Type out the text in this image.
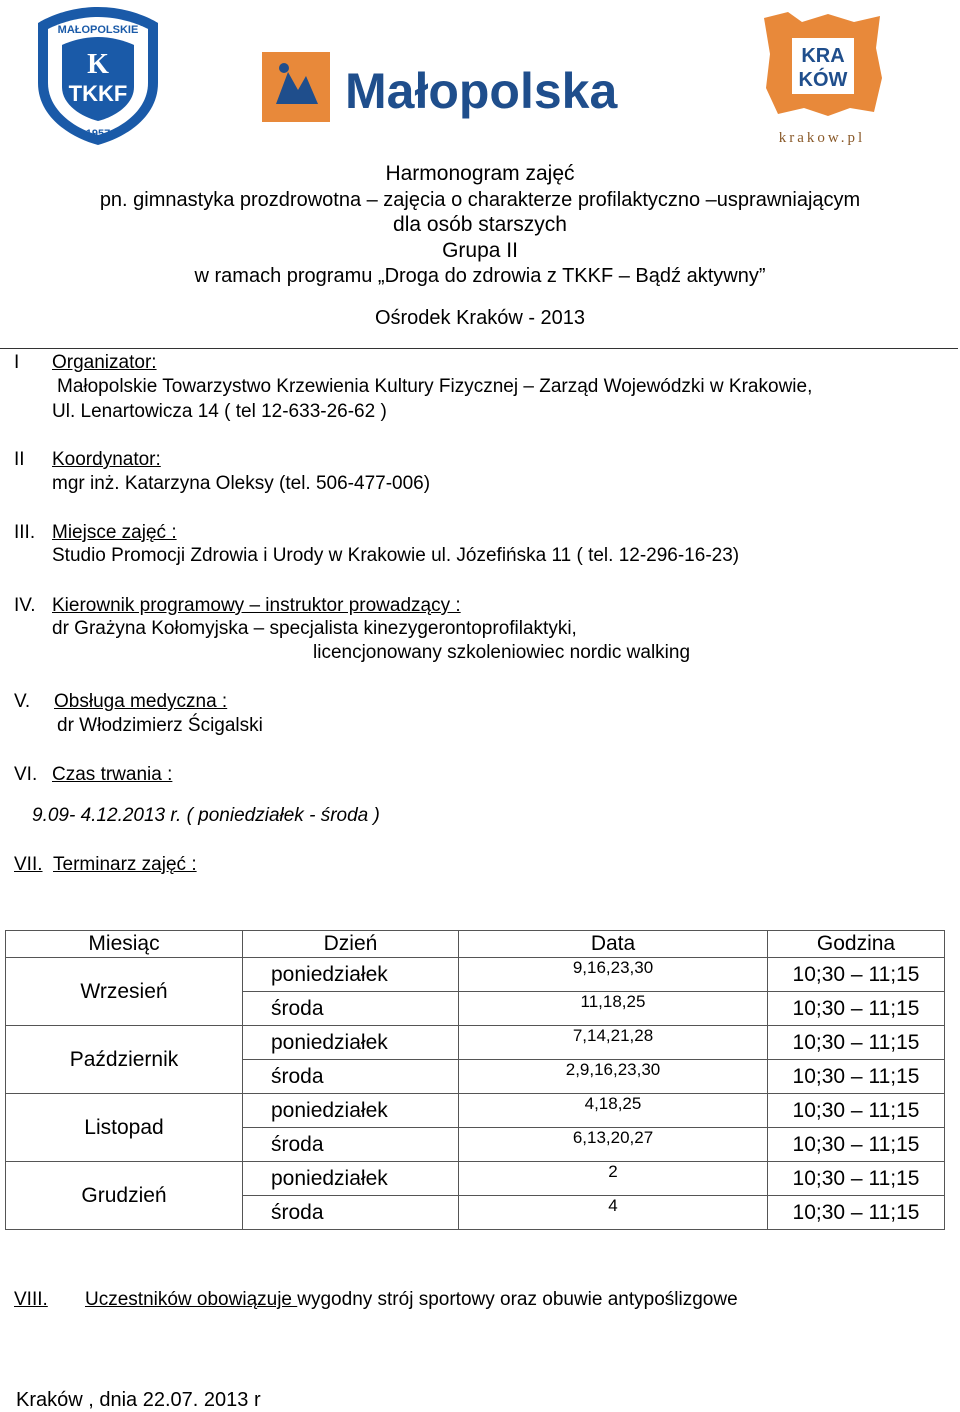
MAŁOPOLSKIE
K
TKKF
1957
Małopolska
KRA
KÓW
krakow.pl
Harmonogram zajęć
pn. gimnastyka prozdrowotna – zajęcia o charakterze profilaktyczno –usprawniającym
dla osób starszych
Grupa II
w ramach programu „Droga do zdrowia z TKKF – Bądź aktywny”
Ośrodek Kraków - 2013
I Organizator:
Małopolskie Towarzystwo Krzewienia Kultury Fizycznej – Zarząd Wojewódzki w Krakowie,
Ul. Lenartowicza 14 ( tel 12-633-26-62 )
II Koordynator:
mgr inż. Katarzyna Oleksy (tel. 506-477-006)
III. Miejsce zajęć :
Studio Promocji Zdrowia i Urody w Krakowie ul. Józefińska 11 ( tel. 12-296-16-23)
IV. Kierownik programowy – instruktor prowadzący :
dr Grażyna Kołomyjska – specjalista kinezygerontoprofilaktyki,
licencjonowany szkoleniowiec nordic walking
V. Obsługa medyczna :
dr Włodzimierz Ścigalski
VI. Czas trwania :
9.09- 4.12.2013 r. ( poniedziałek - środa )
VII. Terminarz zajęć :
Miesiąc	Dzień	Data	Godzina
Wrzesień	poniedziałek	9,16,23,30	10;30 – 11;15
	środa	11,18,25	10;30 – 11;15
Październik	poniedziałek	7,14,21,28	10;30 – 11;15
	środa	2,9,16,23,30	10;30 – 11;15
Listopad	poniedziałek	4,18,25	10;30 – 11;15
	środa	6,13,20,27	10;30 – 11;15
Grudzień	poniedziałek	2	10;30 – 11;15
	środa	4	10;30 – 11;15
VIII. Uczestników obowiązuje wygodny strój sportowy oraz obuwie antypoślizgowe
Kraków , dnia 22.07. 2013 r
